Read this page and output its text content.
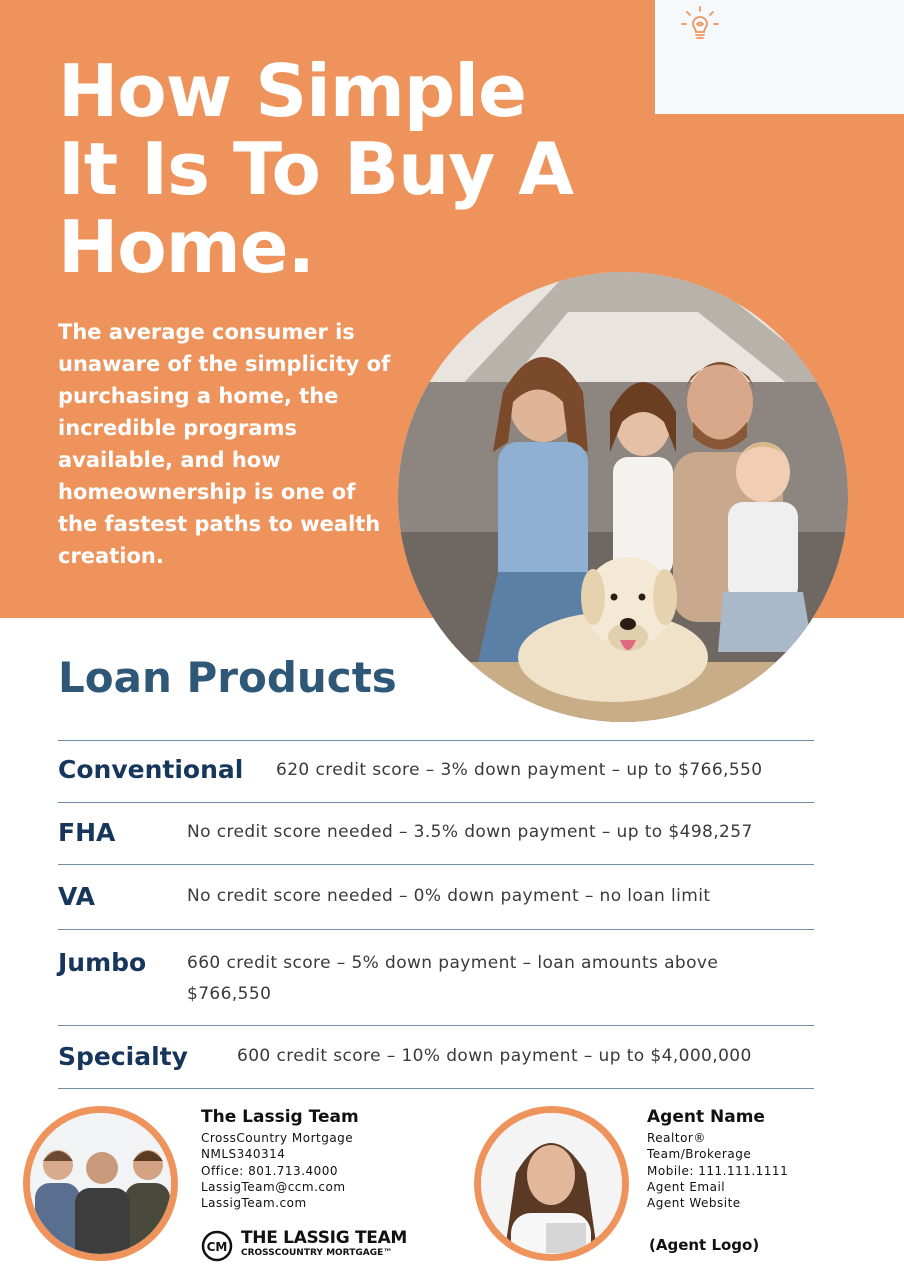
How Simple
It Is To Buy A
Home.

The average consumer is unaware of the simplicity of purchasing a home, the incredible programs available, and how homeownership is one of the fastest paths to wealth creation.

Loan Products
Conventional 620 credit score – 3% down payment – up to $766,550
FHA	No credit score needed – 3.5% down payment – up to $498,257
VA	No credit score needed – 0% down payment – no loan limit
Jumbo 660 credit score – 5% down payment – loan amounts above
$766,550
Specialty	600 credit score – 10% down payment – up to $4,000,000
The Lassig Team
CrossCountry Mortgage
NMLS340314
Office: 801.713.4000
LassigTeam@ccm.com
LassigTeam.com
CM THE LASSIG TEAM
CROSSCOUNTRY MORTGAGE™
Agent Name
Realtor®
Team/Brokerage
Mobile: 111.111.1111
Agent Email
Agent Website
(Agent Logo)
